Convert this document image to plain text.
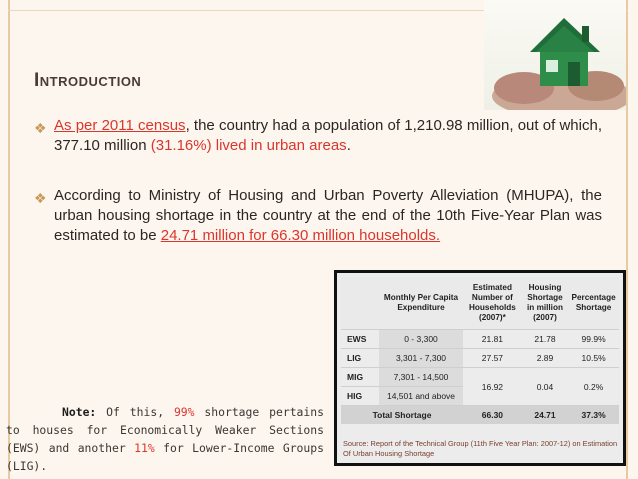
Introduction
❖ As per 2011 census, the country had a population of 1,210.98 million, out of which, 377.10 million (31.16%) lived in urban areas.
❖ According to Ministry of Housing and Urban Poverty Alleviation (MHUPA), the urban housing shortage in the country at the end of the 10th Five-Year Plan was estimated to be 24.71 million for 66.30 million households.
Note: Of this, 99% shortage pertains to houses for Economically Weaker Sections (EWS) and another 11% for Lower-Income Groups (LIG).
	Monthly Per Capita Expenditure	Estimated Number of Households (2007)*	Housing Shortage in million (2007)	Percentage Shortage
EWS	0 - 3,300	21.81	21.78	99.9%
LIG	3,301 - 7,300	27.57	2.89	10.5%
MIG	7,301 - 14,500	16.92	0.04	0.2%
HIG	14,501 and above			
Total Shortage		66.30	24.71	37.3%
Source: Report of the Technical Group (11th Five Year Plan: 2007-12) on Estimation Of Urban Housing Shortage
